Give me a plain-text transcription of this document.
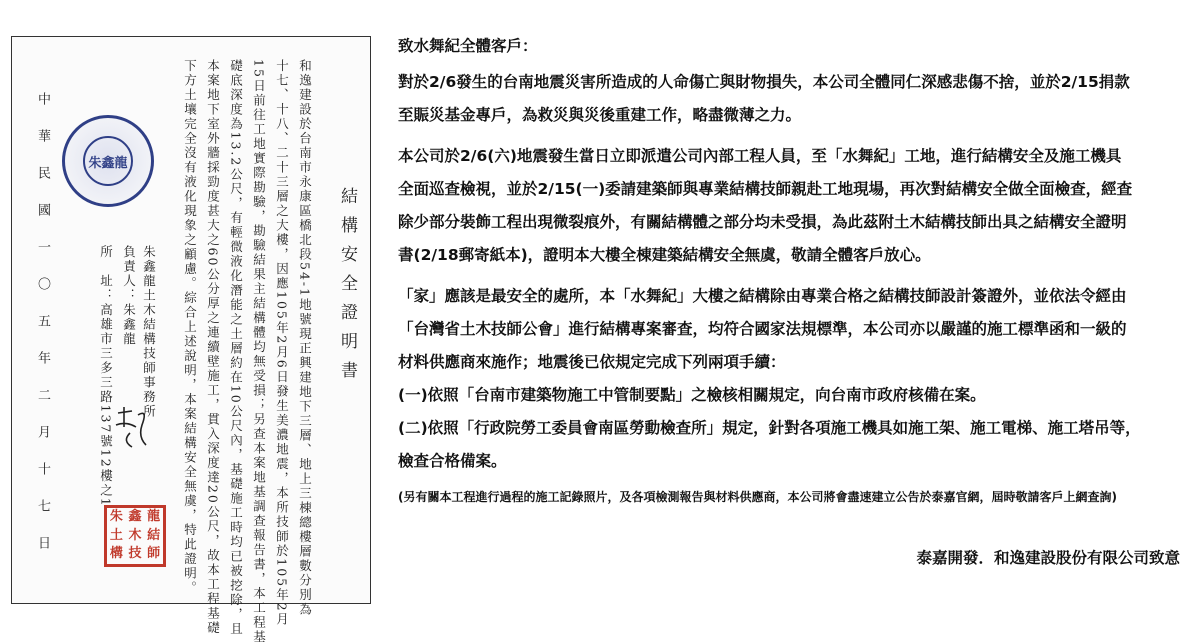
結構安全證明書
和逸建設於台南市永康區橋北段54-1地號現正興建地下三層、地上三棟總樓層數分別為
十七、十八、二十三層之大樓，因應105年2月6日發生美濃地震，本所技師於105年2月
15日前往工地實際勘驗，勘驗結果主結構體均無受損；另查本案地基調查報告書，本工程基
礎底深度為13.2公尺，有輕微液化潛能之土層約在10公尺內，基礎施工時均已被挖除，且
本案地下室外牆採勁度甚大之60公分厚之連續壁施工，貫入深度達20公尺，故本工程基礎
下方土壤完全沒有液化現象之顧慮。綜合上述說明，本案結構安全無虞，特此證明。
朱鑫龍土木結構技師事務所
負責人：朱鑫龍
所　址：高雄市三多三路137號12樓之1
中華民國一〇五年二月十七日	朱鑫龍
朱 鑫 龍
土 木 結
構 技 師

致水舞紀全體客戶：

對於2/6發生的台南地震災害所造成的人命傷亡與財物損失，本公司全體同仁深感悲傷不捨，並於2/15捐款

至賑災基金專戶，為救災與災後重建工作，略盡微薄之力。

本公司於2/6(六)地震發生當日立即派遣公司內部工程人員，至「水舞紀」工地，進行結構安全及施工機具

全面巡查檢視，並於2/15(一)委請建築師與專業結構技師親赴工地現場，再次對結構安全做全面檢查，經查

除少部分裝飾工程出現微裂痕外，有關結構體之部分均未受損，為此茲附土木結構技師出具之結構安全證明

書(2/18郵寄紙本)，證明本大樓全棟建築結構安全無虞，敬請全體客戶放心。

「家」應該是最安全的處所，本「水舞紀」大樓之結構除由專業合格之結構技師設計簽證外，並依法令經由

「台灣省土木技師公會」進行結構專案審查，均符合國家法規標準，本公司亦以嚴謹的施工標準函和一級的

材料供應商來施作；地震後已依規定完成下列兩項手續：

(一)依照「台南市建築物施工中管制要點」之檢核相關規定，向台南市政府核備在案。

(二)依照「行政院勞工委員會南區勞動檢查所」規定，針對各項施工機具如施工架、施工電梯、施工塔吊等，

檢查合格備案。

(另有關本工程進行過程的施工記錄照片，及各項檢測報告與材料供應商，本公司將會盡速建立公告於泰嘉官網，屆時敬請客戶上網查詢)

泰嘉開發．和逸建設股份有限公司致意
